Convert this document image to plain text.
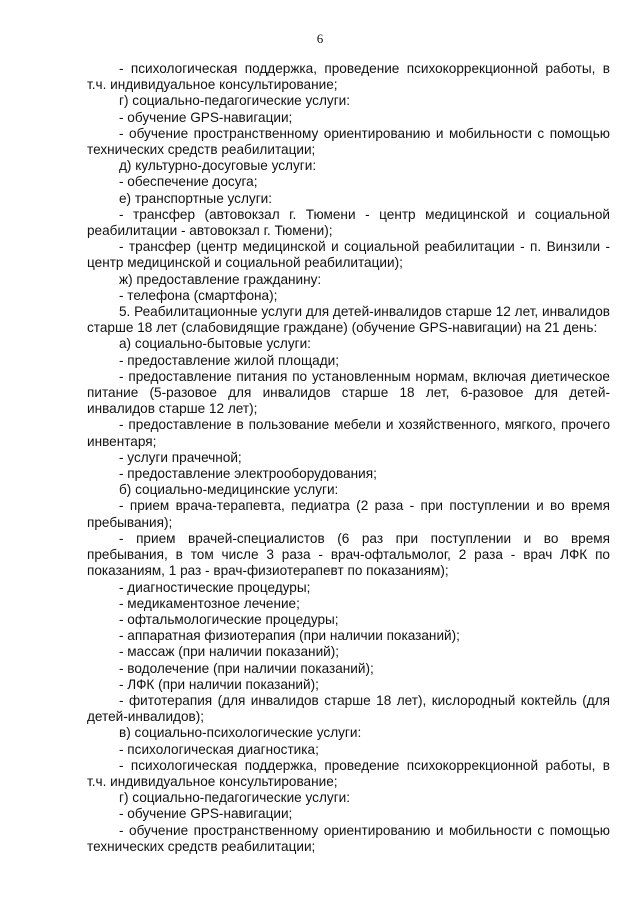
6

- психологическая поддержка, проведение психокоррекционной работы, в т.ч. индивидуальное консультирование;

г) социально-педагогические услуги:

- обучение GPS-навигации;

- обучение пространственному ориентированию и мобильности с помощью технических средств реабилитации;

д) культурно-досуговые услуги:

- обеспечение досуга;

е) транспортные услуги:

- трансфер (автовокзал г. Тюмени - центр медицинской и социальной реабилитации - автовокзал г. Тюмени);

- трансфер (центр медицинской и социальной реабилитации - п. Винзили - центр медицинской и социальной реабилитации);

ж) предоставление гражданину:

- телефона (смартфона);

5. Реабилитационные услуги для детей-инвалидов старше 12 лет, инвалидов старше 18 лет (слабовидящие граждане) (обучение GPS-навигации) на 21 день:

а) социально-бытовые услуги:

- предоставление жилой площади;

- предоставление питания по установленным нормам, включая диетическое питание (5-разовое для инвалидов старше 18 лет, 6-разовое для детей-инвалидов старше 12 лет);

- предоставление в пользование мебели и хозяйственного, мягкого, прочего инвентаря;

- услуги прачечной;

- предоставление электрооборудования;

б) социально-медицинские услуги:

- прием врача-терапевта, педиатра (2 раза - при поступлении и во время пребывания);

- прием врачей-специалистов (6 раз при поступлении и во время пребывания, в том числе 3 раза - врач-офтальмолог, 2 раза - врач ЛФК по показаниям, 1 раз - врач-физиотерапевт по показаниям);

- диагностические процедуры;

- медикаментозное лечение;

- офтальмологические процедуры;

- аппаратная физиотерапия (при наличии показаний);

- массаж (при наличии показаний);

- водолечение (при наличии показаний);

- ЛФК (при наличии показаний);

- фитотерапия (для инвалидов старше 18 лет), кислородный коктейль (для детей-инвалидов);

в) социально-психологические услуги:

- психологическая диагностика;

- психологическая поддержка, проведение психокоррекционной работы, в т.ч. индивидуальное консультирование;

г) социально-педагогические услуги:

- обучение GPS-навигации;

- обучение пространственному ориентированию и мобильности с помощью технических средств реабилитации;
